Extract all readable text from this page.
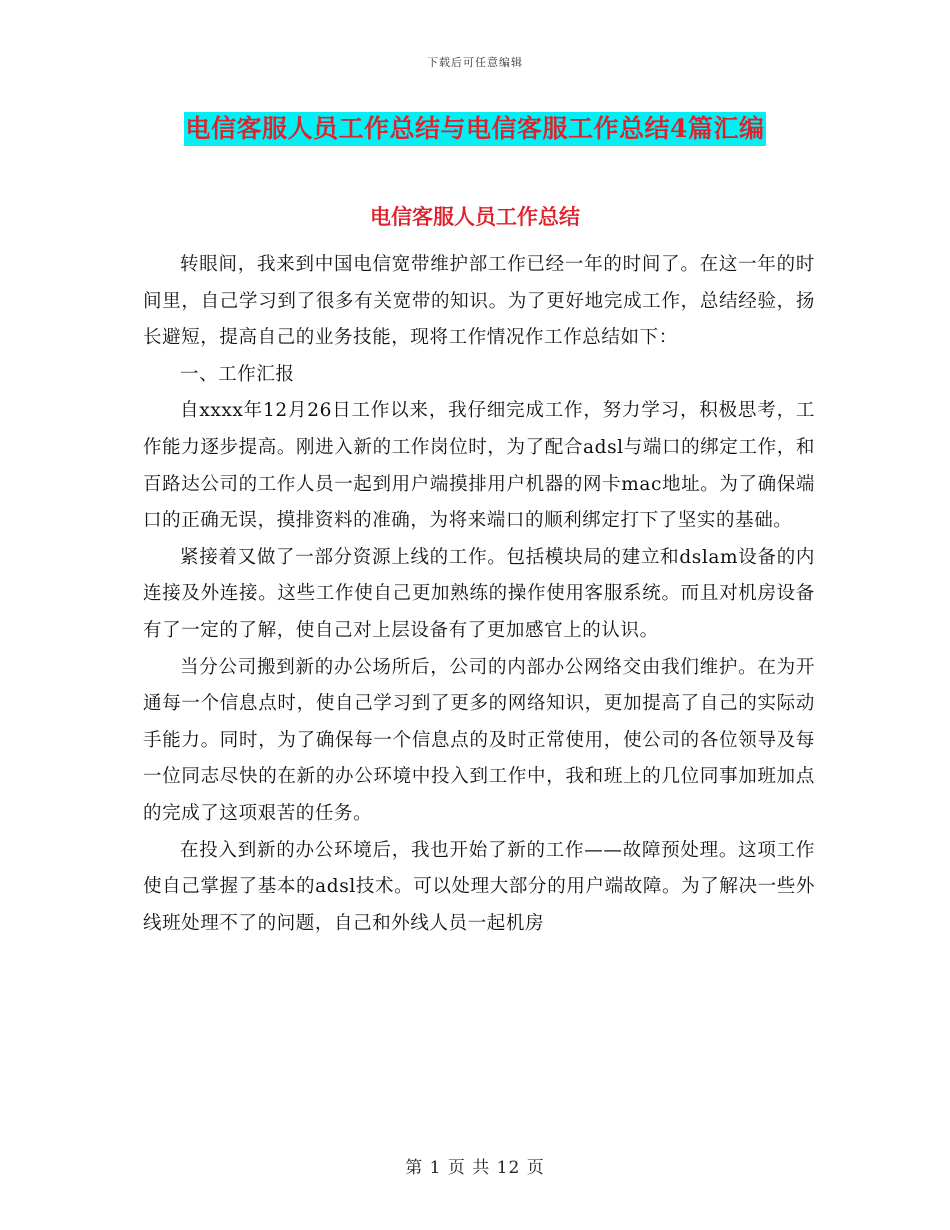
下载后可任意编辑
电信客服人员工作总结与电信客服工作总结4篇汇编
电信客服人员工作总结

转眼间，我来到中国电信宽带维护部工作已经一年的时间了。在这一年的时间里，自己学习到了很多有关宽带的知识。为了更好地完成工作，总结经验，扬长避短，提高自己的业务技能，现将工作情况作工作总结如下：

一、工作汇报

自xxxx年12月26日工作以来，我仔细完成工作，努力学习，积极思考，工作能力逐步提高。刚进入新的工作岗位时，为了配合adsl与端口的绑定工作，和百路达公司的工作人员一起到用户端摸排用户机器的网卡mac地址。为了确保端口的正确无误，摸排资料的准确，为将来端口的顺利绑定打下了坚实的基础。

紧接着又做了一部分资源上线的工作。包括模块局的建立和dslam设备的内连接及外连接。这些工作使自己更加熟练的操作使用客服系统。而且对机房设备有了一定的了解，使自己对上层设备有了更加感官上的认识。

当分公司搬到新的办公场所后，公司的内部办公网络交由我们维护。在为开通每一个信息点时，使自己学习到了更多的网络知识，更加提高了自己的实际动手能力。同时，为了确保每一个信息点的及时正常使用，使公司的各位领导及每一位同志尽快的在新的办公环境中投入到工作中，我和班上的几位同事加班加点的完成了这项艰苦的任务。

在投入到新的办公环境后，我也开始了新的工作——故障预处理。这项工作使自己掌握了基本的adsl技术。可以处理大部分的用户端故障。为了解决一些外线班处理不了的问题，自己和外线人员一起机房

第 1 页 共 12 页
